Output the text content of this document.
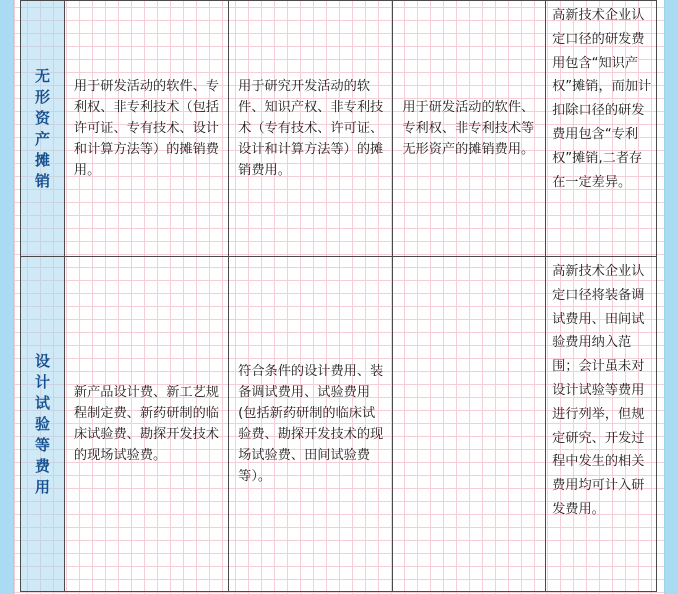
无形资产摊销	用于研发活动的软件、专利权、非专利技术（包括许可证、专有技术、设计和计算方法等）的摊销费用。	用于研究开发活动的软件、知识产权、非专利技术（专有技术、许可证、设计和计算方法等）的摊销费用。	用于研发活动的软件、专利权、非专利技术等无形资产的摊销费用。	高新技术企业认定口径的研发费用包含“知识产权”摊销，而加计扣除口径的研发费用包含“专利权”摊销,二者存在一定差异。

设计试验等费用	新产品设计费、新工艺规程制定费、新药研制的临床试验费、勘探开发技术的现场试验费。	符合条件的设计费用、装备调试费用、试验费用(包括新药研制的临床试验费、勘探开发技术的现场试验费、田间试验费等）。		高新技术企业认定口径将装备调试费用、田间试验费用纳入范围；会计虽未对设计试验等费用进行列举，但规定研究、开发过程中发生的相关费用均可计入研发费用。
